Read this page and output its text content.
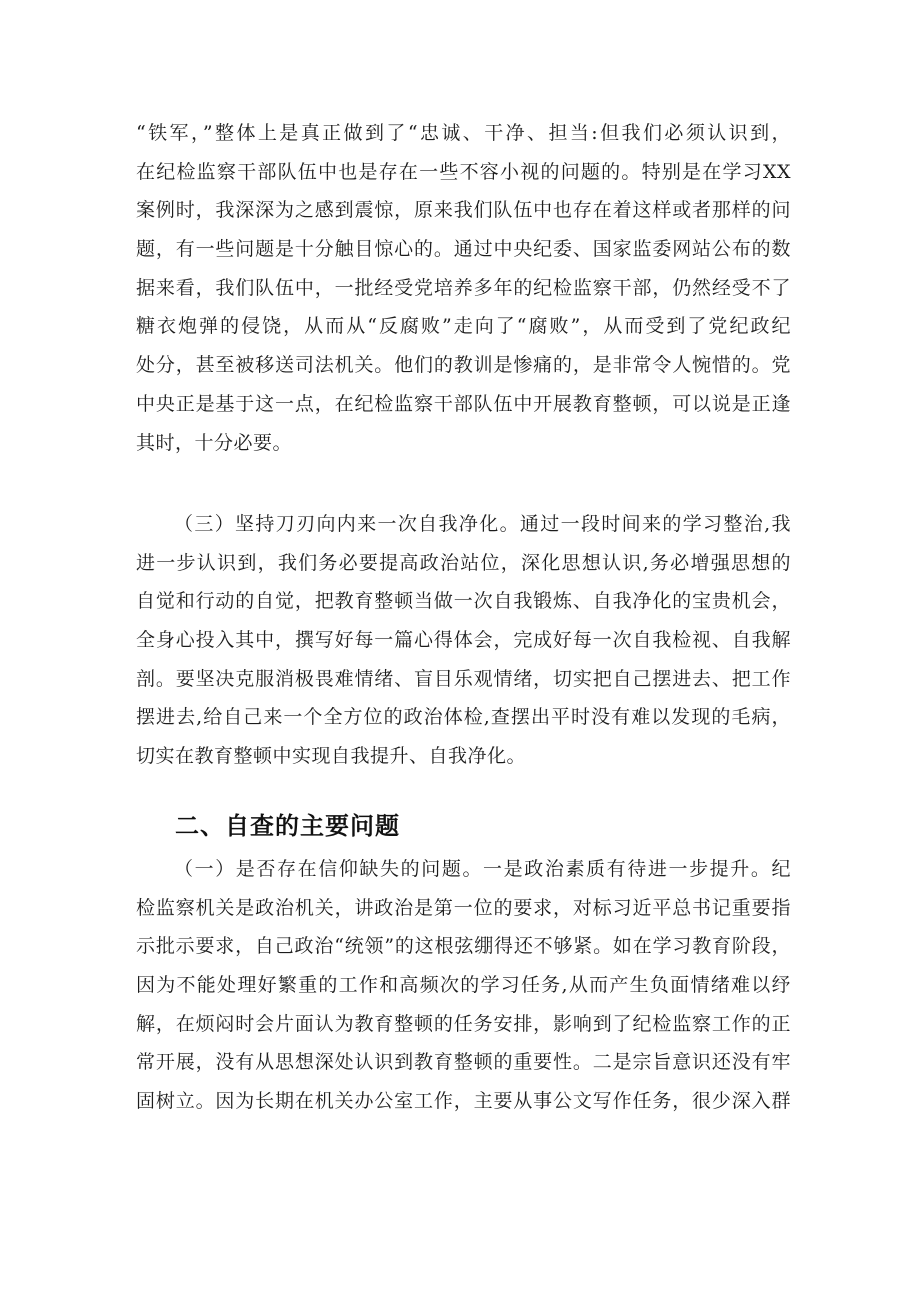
“铁军，”整体上是真正做到了“忠诚、干净、担当:但我们必须认识到，
在纪检监察干部队伍中也是存在一些不容小视的问题的。特别是在学习XX
案例时，我深深为之感到震惊，原来我们队伍中也存在着这样或者那样的问
题，有一些问题是十分触目惊心的。通过中央纪委、国家监委网站公布的数
据来看，我们队伍中，一批经受党培养多年的纪检监察干部，仍然经受不了
糖衣炮弹的侵饶，从而从“反腐败”走向了“腐败”，从而受到了党纪政纪
处分，甚至被移送司法机关。他们的教训是惨痛的，是非常令人惋惜的。党
中央正是基于这一点，在纪检监察干部队伍中开展教育整顿，可以说是正逢
其时，十分必要。
（三）坚持刀刃向内来一次自我净化。通过一段时间来的学习整治,我
进一步认识到，我们务必要提高政治站位，深化思想认识,务必增强思想的
自觉和行动的自觉，把教育整顿当做一次自我锻炼、自我净化的宝贵机会，
全身心投入其中，撰写好每一篇心得体会，完成好每一次自我检视、自我解
剖。要坚决克服消极畏难情绪、盲目乐观情绪，切实把自己摆进去、把工作
摆进去,给自己来一个全方位的政治体检,查摆出平时没有难以发现的毛病，
切实在教育整顿中实现自我提升、自我净化。
二、自查的主要问题
（一）是否存在信仰缺失的问题。一是政治素质有待进一步提升。纪
检监察机关是政治机关，讲政治是第一位的要求，对标习近平总书记重要指
示批示要求，自己政治“统领”的这根弦绷得还不够紧。如在学习教育阶段，
因为不能处理好繁重的工作和高频次的学习任务,从而产生负面情绪难以纾
解，在烦闷时会片面认为教育整顿的任务安排，影响到了纪检监察工作的正
常开展，没有从思想深处认识到教育整顿的重要性。二是宗旨意识还没有牢
固树立。因为长期在机关办公室工作，主要从事公文写作任务，很少深入群
